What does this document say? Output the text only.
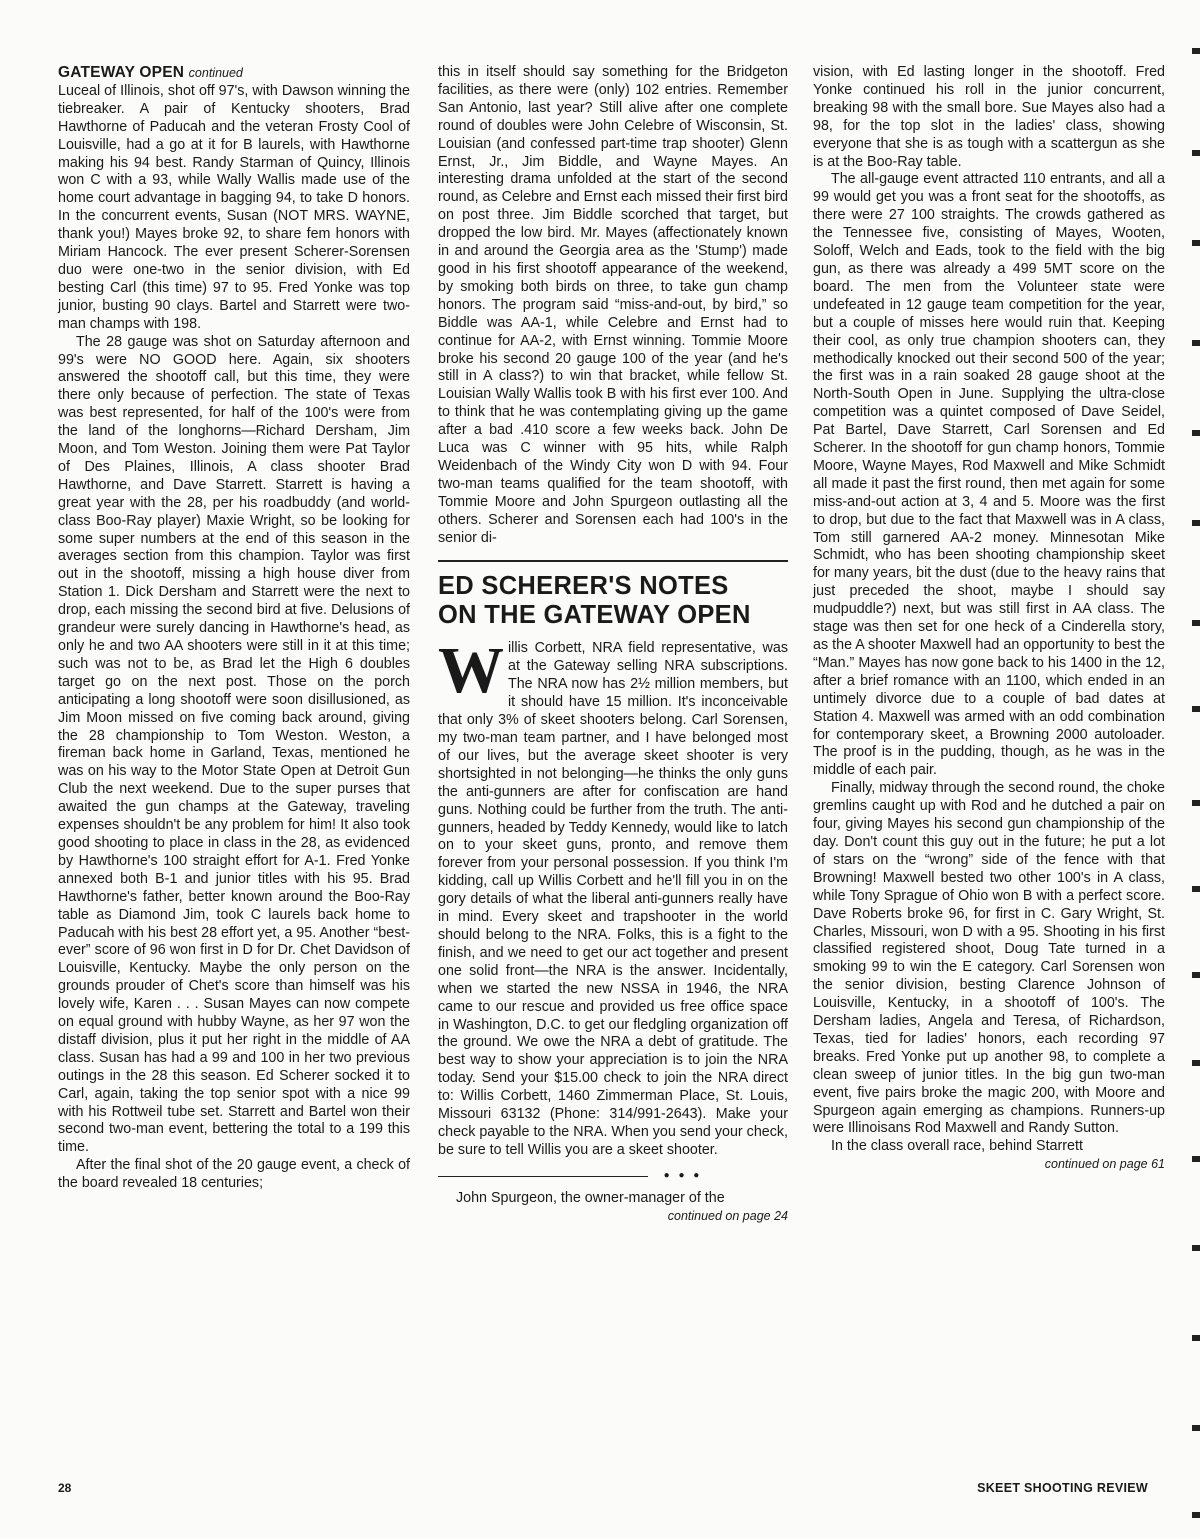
GATEWAY OPEN continued

Luceal of Illinois, shot off 97's, with Dawson winning the tiebreaker. A pair of Kentucky shooters, Brad Hawthorne of Paducah and the veteran Frosty Cool of Louisville, had a go at it for B laurels, with Hawthorne making his 94 best. Randy Starman of Quincy, Illinois won C with a 93, while Wally Wallis made use of the home court advantage in bagging 94, to take D honors. In the concurrent events, Susan (NOT MRS. WAYNE, thank you!) Mayes broke 92, to share fem honors with Miriam Hancock. The ever present Scherer-Sorensen duo were one-two in the senior division, with Ed besting Carl (this time) 97 to 95. Fred Yonke was top junior, busting 90 clays. Bartel and Starrett were two-man champs with 198.

The 28 gauge was shot on Saturday afternoon and 99's were NO GOOD here. Again, six shooters answered the shootoff call, but this time, they were there only because of perfection. The state of Texas was best represented, for half of the 100's were from the land of the longhorns—Richard Dersham, Jim Moon, and Tom Weston. Joining them were Pat Taylor of Des Plaines, Illinois, A class shooter Brad Hawthorne, and Dave Starrett. Starrett is having a great year with the 28, per his roadbuddy (and world-class Boo-Ray player) Maxie Wright, so be looking for some super numbers at the end of this season in the averages section from this champion. Taylor was first out in the shootoff, missing a high house diver from Station 1. Dick Dersham and Starrett were the next to drop, each missing the second bird at five. Delusions of grandeur were surely dancing in Hawthorne's head, as only he and two AA shooters were still in it at this time; such was not to be, as Brad let the High 6 doubles target go on the next post. Those on the porch anticipating a long shootoff were soon disillusioned, as Jim Moon missed on five coming back around, giving the 28 championship to Tom Weston. Weston, a fireman back home in Garland, Texas, mentioned he was on his way to the Motor State Open at Detroit Gun Club the next weekend. Due to the super purses that awaited the gun champs at the Gateway, traveling expenses shouldn't be any problem for him! It also took good shooting to place in class in the 28, as evidenced by Hawthorne's 100 straight effort for A-1. Fred Yonke annexed both B-1 and junior titles with his 95. Brad Hawthorne's father, better known around the Boo-Ray table as Diamond Jim, took C laurels back home to Paducah with his best 28 effort yet, a 95. Another “best-ever” score of 96 won first in D for Dr. Chet Davidson of Louisville, Kentucky. Maybe the only person on the grounds prouder of Chet's score than himself was his lovely wife, Karen . . . Susan Mayes can now compete on equal ground with hubby Wayne, as her 97 won the distaff division, plus it put her right in the middle of AA class. Susan has had a 99 and 100 in her two previous outings in the 28 this season. Ed Scherer socked it to Carl, again, taking the top senior spot with a nice 99 with his Rottweil tube set. Starrett and Bartel won their second two-man event, bettering the total to a 199 this time.

After the final shot of the 20 gauge event, a check of the board revealed 18 centuries;

this in itself should say something for the Bridgeton facilities, as there were (only) 102 entries. Remember San Antonio, last year? Still alive after one complete round of doubles were John Celebre of Wisconsin, St. Louisian (and confessed part-time trap shooter) Glenn Ernst, Jr., Jim Biddle, and Wayne Mayes. An interesting drama unfolded at the start of the second round, as Celebre and Ernst each missed their first bird on post three. Jim Biddle scorched that target, but dropped the low bird. Mr. Mayes (affectionately known in and around the Georgia area as the 'Stump') made good in his first shootoff appearance of the weekend, by smoking both birds on three, to take gun champ honors. The program said “miss-and-out, by bird,” so Biddle was AA-1, while Celebre and Ernst had to continue for AA-2, with Ernst winning. Tommie Moore broke his second 20 gauge 100 of the year (and he's still in A class?) to win that bracket, while fellow St. Louisian Wally Wallis took B with his first ever 100. And to think that he was contemplating giving up the game after a bad .410 score a few weeks back. John De Luca was C winner with 95 hits, while Ralph Weidenbach of the Windy City won D with 94. Four two-man teams qualified for the team shootoff, with Tommie Moore and John Spurgeon outlasting all the others. Scherer and Sorensen each had 100's in the senior di-

ED SCHERER'S NOTES
ON THE GATEWAY OPEN

Willis Corbett, NRA field representative, was at the Gateway selling NRA subscriptions. The NRA now has 2½ million members, but it should have 15 million. It's inconceivable that only 3% of skeet shooters belong. Carl Sorensen, my two-man team partner, and I have belonged most of our lives, but the average skeet shooter is very shortsighted in not belonging—he thinks the only guns the anti-gunners are after for confiscation are hand guns. Nothing could be further from the truth. The anti-gunners, headed by Teddy Kennedy, would like to latch on to your skeet guns, pronto, and remove them forever from your personal possession. If you think I'm kidding, call up Willis Corbett and he'll fill you in on the gory details of what the liberal anti-gunners really have in mind. Every skeet and trapshooter in the world should belong to the NRA. Folks, this is a fight to the finish, and we need to get our act together and present one solid front—the NRA is the answer. Incidentally, when we started the new NSSA in 1946, the NRA came to our rescue and provided us free office space in Washington, D.C. to get our fledgling organization off the ground. We owe the NRA a debt of gratitude. The best way to show your appreciation is to join the NRA today. Send your $15.00 check to join the NRA direct to: Willis Corbett, 1460 Zimmerman Place, St. Louis, Missouri 63132 (Phone: 314/991-2643). Make your check payable to the NRA. When you send your check, be sure to tell Willis you are a skeet shooter.

● ● ●

John Spurgeon, the owner-manager of the

continued on page 24

vision, with Ed lasting longer in the shootoff. Fred Yonke continued his roll in the junior concurrent, breaking 98 with the small bore. Sue Mayes also had a 98, for the top slot in the ladies' class, showing everyone that she is as tough with a scattergun as she is at the Boo-Ray table.

The all-gauge event attracted 110 entrants, and all a 99 would get you was a front seat for the shootoffs, as there were 27 100 straights. The crowds gathered as the Tennessee five, consisting of Mayes, Wooten, Soloff, Welch and Eads, took to the field with the big gun, as there was already a 499 5MT score on the board. The men from the Volunteer state were undefeated in 12 gauge team competition for the year, but a couple of misses here would ruin that. Keeping their cool, as only true champion shooters can, they methodically knocked out their second 500 of the year; the first was in a rain soaked 28 gauge shoot at the North-South Open in June. Supplying the ultra-close competition was a quintet composed of Dave Seidel, Pat Bartel, Dave Starrett, Carl Sorensen and Ed Scherer. In the shootoff for gun champ honors, Tommie Moore, Wayne Mayes, Rod Maxwell and Mike Schmidt all made it past the first round, then met again for some miss-and-out action at 3, 4 and 5. Moore was the first to drop, but due to the fact that Maxwell was in A class, Tom still garnered AA-2 money. Minnesotan Mike Schmidt, who has been shooting championship skeet for many years, bit the dust (due to the heavy rains that just preceded the shoot, maybe I should say mudpuddle?) next, but was still first in AA class. The stage was then set for one heck of a Cinderella story, as the A shooter Maxwell had an opportunity to best the “Man.” Mayes has now gone back to his 1400 in the 12, after a brief romance with an 1100, which ended in an untimely divorce due to a couple of bad dates at Station 4. Maxwell was armed with an odd combination for contemporary skeet, a Browning 2000 autoloader. The proof is in the pudding, though, as he was in the middle of each pair.

Finally, midway through the second round, the choke gremlins caught up with Rod and he dutched a pair on four, giving Mayes his second gun championship of the day. Don't count this guy out in the future; he put a lot of stars on the “wrong” side of the fence with that Browning! Maxwell bested two other 100's in A class, while Tony Sprague of Ohio won B with a perfect score. Dave Roberts broke 96, for first in C. Gary Wright, St. Charles, Missouri, won D with a 95. Shooting in his first classified registered shoot, Doug Tate turned in a smoking 99 to win the E category. Carl Sorensen won the senior division, besting Clarence Johnson of Louisville, Kentucky, in a shootoff of 100's. The Dersham ladies, Angela and Teresa, of Richardson, Texas, tied for ladies' honors, each recording 97 breaks. Fred Yonke put up another 98, to complete a clean sweep of junior titles. In the big gun two-man event, five pairs broke the magic 200, with Moore and Spurgeon again emerging as champions. Runners-up were Illinoisans Rod Maxwell and Randy Sutton.

In the class overall race, behind Starrett

continued on page 61
28	SKEET SHOOTING REVIEW
